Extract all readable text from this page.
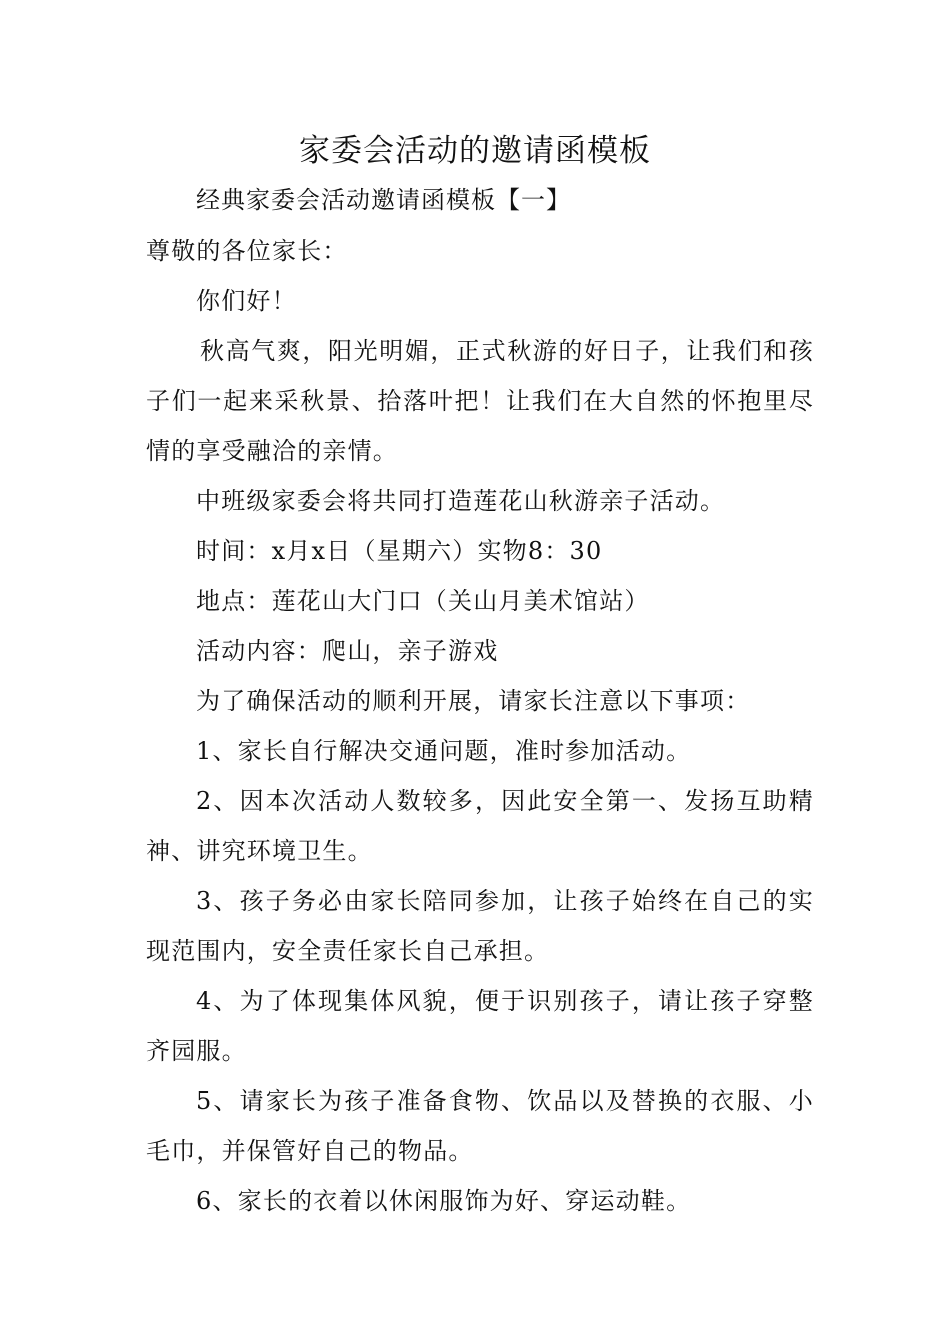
家委会活动的邀请函模板
经典家委会活动邀请函模板【一】

尊敬的各位家长：

你们好！

秋高气爽，阳光明媚，正式秋游的好日子，让我们和孩子们一起来采秋景、拾落叶把！让我们在大自然的怀抱里尽情的享受融洽的亲情。

中班级家委会将共同打造莲花山秋游亲子活动。

时间：x月x日（星期六）实物8：30

地点：莲花山大门口（关山月美术馆站）

活动内容：爬山，亲子游戏

为了确保活动的顺利开展，请家长注意以下事项：

1、家长自行解决交通问题，准时参加活动。

2、因本次活动人数较多，因此安全第一、发扬互助精神、讲究环境卫生。

3、孩子务必由家长陪同参加，让孩子始终在自己的实现范围内，安全责任家长自己承担。

4、为了体现集体风貌，便于识别孩子，请让孩子穿整齐园服。

5、请家长为孩子准备食物、饮品以及替换的衣服、小毛巾，并保管好自己的物品。

6、家长的衣着以休闲服饰为好、穿运动鞋。
